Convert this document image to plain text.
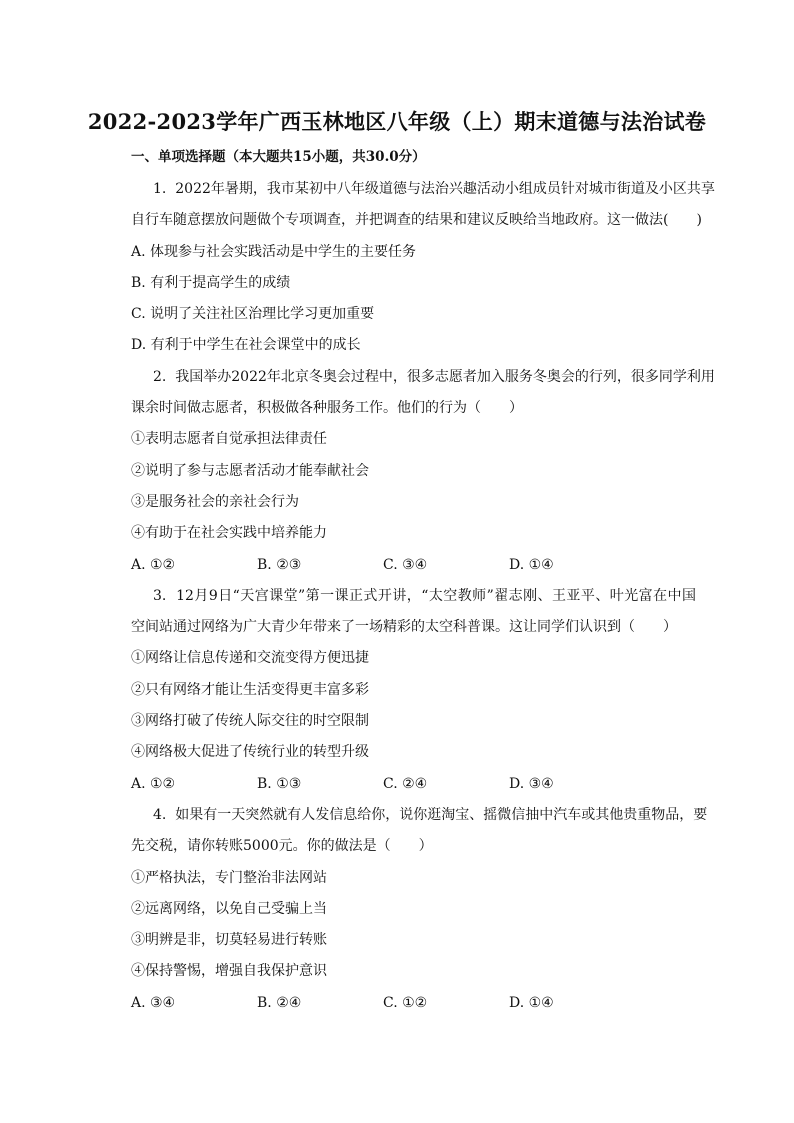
2022-2023学年广西玉林地区八年级（上）期末道德与法治试卷
一、单项选择题（本大题共15小题，共30.0分）
1.  2022年暑期，我市某初中八年级道德与法治兴趣活动小组成员针对城市街道及小区共享
自行车随意摆放问题做个专项调查，并把调查的结果和建议反映给当地政府。这一做法(　　)
A. 体现参与社会实践活动是中学生的主要任务
B. 有利于提高学生的成绩
C. 说明了关注社区治理比学习更加重要
D. 有利于中学生在社会课堂中的成长
2.  我国举办2022年北京冬奥会过程中，很多志愿者加入服务冬奥会的行列，很多同学利用
课余时间做志愿者，积极做各种服务工作。他们的行为（　　）
①表明志愿者自觉承担法律责任
②说明了参与志愿者活动才能奉献社会
③是服务社会的亲社会行为
④有助于在社会实践中培养能力
A. ①②	B. ②③	C. ③④	D. ①④
3.  12月9日“天宫课堂”第一课正式开讲，“太空教师”翟志刚、王亚平、叶光富在中国
空间站通过网络为广大青少年带来了一场精彩的太空科普课。这让同学们认识到（　　）
①网络让信息传递和交流变得方便迅捷
②只有网络才能让生活变得更丰富多彩
③网络打破了传统人际交往的时空限制
④网络极大促进了传统行业的转型升级
A. ①②	B. ①③	C. ②④	D. ③④
4.  如果有一天突然就有人发信息给你，说你逛淘宝、摇微信抽中汽车或其他贵重物品，要
先交税，请你转账5000元。你的做法是（　　）
①严格执法，专门整治非法网站
②远离网络，以免自己受骗上当
③明辨是非，切莫轻易进行转账
④保持警惕，增强自我保护意识
A. ③④	B. ②④	C. ①②	D. ①④
